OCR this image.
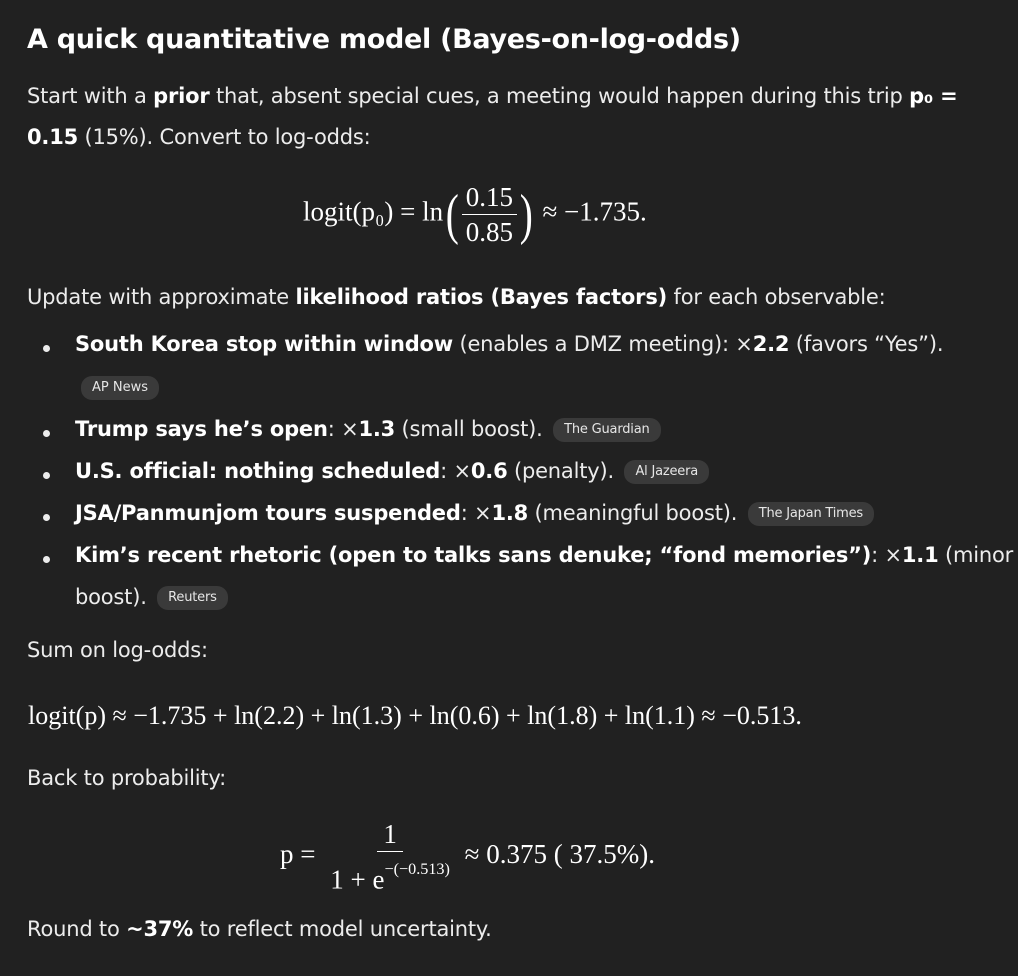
A quick quantitative model (Bayes-on-log-odds)

Start with a prior that, absent special cues, a meeting would happen during this trip p₀ =
0.15 (15%). Convert to log-odds:

logit(p₀) = $\ln( \frac{0.15}{0.85}$ ) ≈ −1.735.

Update with approximate likelihood ratios (Bayes factors) for each observable:

South Korea stop within window (enables a DMZ meeting): ×2.2 (favors “Yes”).
AP News
Trump says he’s open: ×1.3 (small boost). The Guardian
U.S. official: nothing scheduled: ×0.6 (penalty). Al Jazeera
JSA/Panmunjom tours suspended: ×1.8 (meaningful boost). The Japan Times
Kim’s recent rhetoric (open to talks sans denuke; “fond memories”): ×1.1 (minor
boost). Reuters

Sum on log-odds:

logit(p) ≈ −1.735 + ln(2.2) + ln(1.3) + ln(0.6) + ln(1.8) + ln(1.1) ≈ −0.513.

Back to probability:

$p = \frac{1}{1 + e^{-(-0.513)}} \approx 0.375$ ( 37.5%).

Round to ~37% to reflect model uncertainty.
